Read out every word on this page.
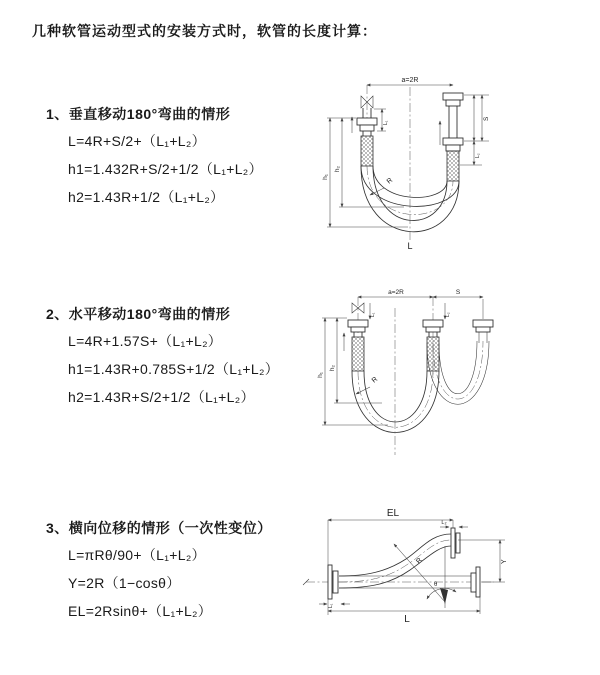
几种软管运动型式的安装方式时，软管的长度计算：
1、垂直移动180°弯曲的情形
L=4R+S/2+（L₁+L₂）
h1=1.432R+S/2+1/2（L₁+L₂）
h2=1.43R+1/2（L₁+L₂）
2、水平移动180°弯曲的情形
L=4R+1.57S+（L₁+L₂）
h1=1.43R+0.785S+1/2（L₁+L₂）
h2=1.43R+S/2+1/2（L₁+L₂）
3、横向位移的情形（一次性变位）
L=πRθ/90+（L₁+L₂）
Y=2R（1−cosθ）
EL=2Rsinθ+（L₁+L₂）
a=2R
L
R
h₁
h₂
L₁
S
L₂
a=2R	S
R
h₁
h₂
L₁	L₂
EL
L₂
Y
R
θ
L
L₁
